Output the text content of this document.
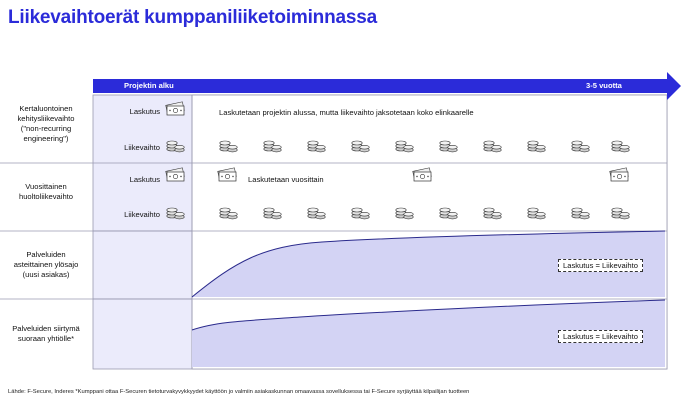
Liikevaihtoerät kumppaniliiketoiminnassa
Projektin alku	3-5 vuotta
Kertaluontoinen
kehitysliikevaihto
("non-recurring
engineering")
Laskutus
Liikevaihto
Laskutetaan projektin alussa, mutta liikevaihto jaksotetaan koko elinkaarelle
Vuosittainen
huoltoliikevaihto
Laskutus
Liikevaihto
Laskutetaan vuosittain
Palveluiden
asteittainen ylösajo
(uusi asiakas)
Laskutus = Liikevaihto
Palveluiden siirtymä
suoraan yhtiölle*	Laskutus = Liikevaihto
Lähde: F-Secure, Inderes *Kumppani ottaa F-Securen tietoturvakyvykkyydet käyttöön jo valmiin asiakaskunnan omaavassa sovelluksessa tai F-Secure syrjäyttää kilpailijan tuotteen
